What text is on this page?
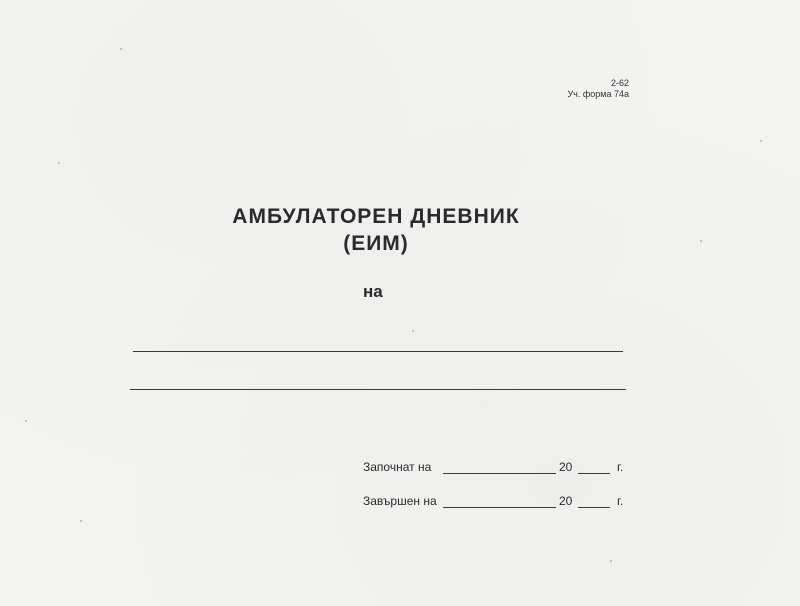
2-62
Уч. форма 74а
АМБУЛАТОРЕН ДНЕВНИК
(ЕИМ)
на
Започнат на	20	г.
Завършен на	20	г.
